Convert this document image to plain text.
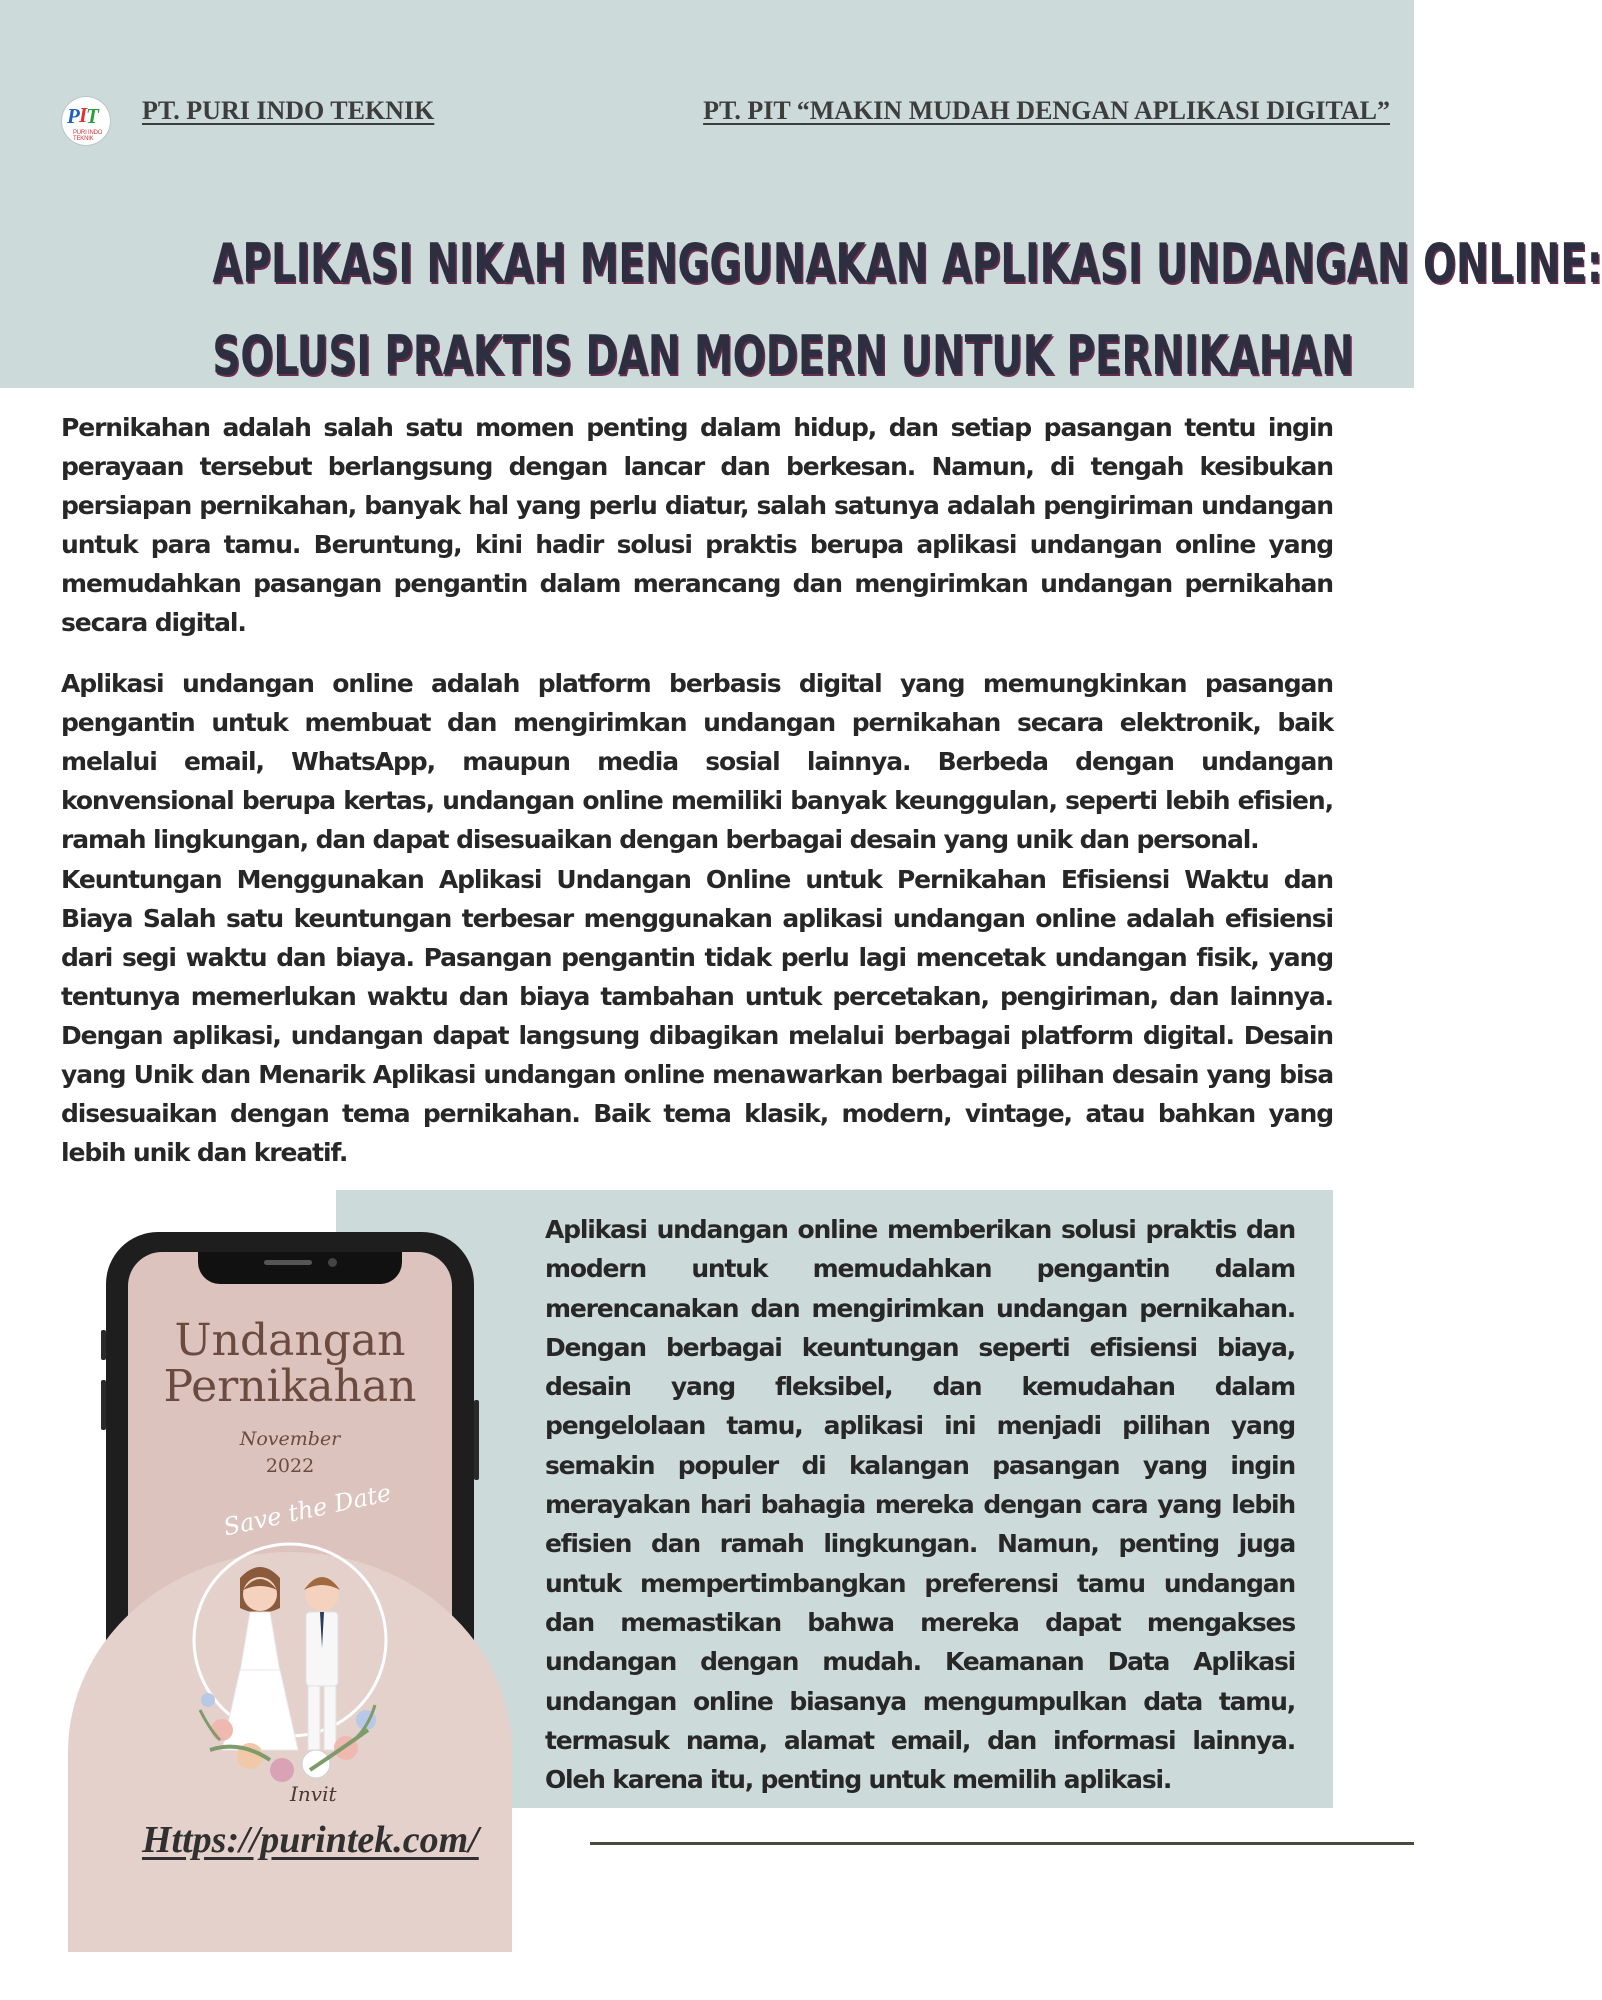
P I
T
PURI INDO TEKNIK
PT. PURI INDO TEKNIK	PT. PIT “MAKIN MUDAH DENGAN APLIKASI DIGITAL”
APLIKASI NIKAH MENGGUNAKAN APLIKASI UNDANGAN ONLINE:
SOLUSI PRAKTIS DAN MODERN UNTUK PERNIKAHAN

Pernikahan adalah salah satu momen penting dalam hidup, dan setiap pasangan tentu ingin perayaan tersebut berlangsung dengan lancar dan berkesan. Namun, di tengah kesibukan persiapan pernikahan, banyak hal yang perlu diatur, salah satunya adalah pengiriman undangan untuk para tamu. Beruntung, kini hadir solusi praktis berupa aplikasi undangan online yang memudahkan pasangan pengantin dalam merancang dan mengirimkan undangan pernikahan secara digital.

Aplikasi undangan online adalah platform berbasis digital yang memungkinkan pasangan pengantin untuk membuat dan mengirimkan undangan pernikahan secara elektronik, baik melalui email, WhatsApp, maupun media sosial lainnya. Berbeda dengan undangan konvensional berupa kertas, undangan online memiliki banyak keunggulan, seperti lebih efisien, ramah lingkungan, dan dapat disesuaikan dengan berbagai desain yang unik dan personal.

Keuntungan Menggunakan Aplikasi Undangan Online untuk Pernikahan Efisiensi Waktu dan Biaya Salah satu keuntungan terbesar menggunakan aplikasi undangan online adalah efisiensi dari segi waktu dan biaya. Pasangan pengantin tidak perlu lagi mencetak undangan fisik, yang tentunya memerlukan waktu dan biaya tambahan untuk percetakan, pengiriman, dan lainnya. Dengan aplikasi, undangan dapat langsung dibagikan melalui berbagai platform digital. Desain yang Unik dan Menarik Aplikasi undangan online menawarkan berbagai pilihan desain yang bisa disesuaikan dengan tema pernikahan. Baik tema klasik, modern, vintage, atau bahkan yang lebih unik dan kreatif.

Aplikasi undangan online memberikan solusi praktis dan modern untuk memudahkan pengantin dalam merencanakan dan mengirimkan undangan pernikahan. Dengan berbagai keuntungan seperti efisiensi biaya, desain yang fleksibel, dan kemudahan dalam pengelolaan tamu, aplikasi ini menjadi pilihan yang semakin populer di kalangan pasangan yang ingin merayakan hari bahagia mereka dengan cara yang lebih efisien dan ramah lingkungan. Namun, penting juga untuk mempertimbangkan preferensi tamu undangan dan memastikan bahwa mereka dapat mengakses undangan dengan mudah. Keamanan Data Aplikasi undangan online biasanya mengumpulkan data tamu, termasuk nama, alamat email, dan informasi lainnya. Oleh karena itu, penting untuk memilih aplikasi.

Undangan
Pernikahan
November
2022
Save the Date
Invit
Https://purintek.com/
